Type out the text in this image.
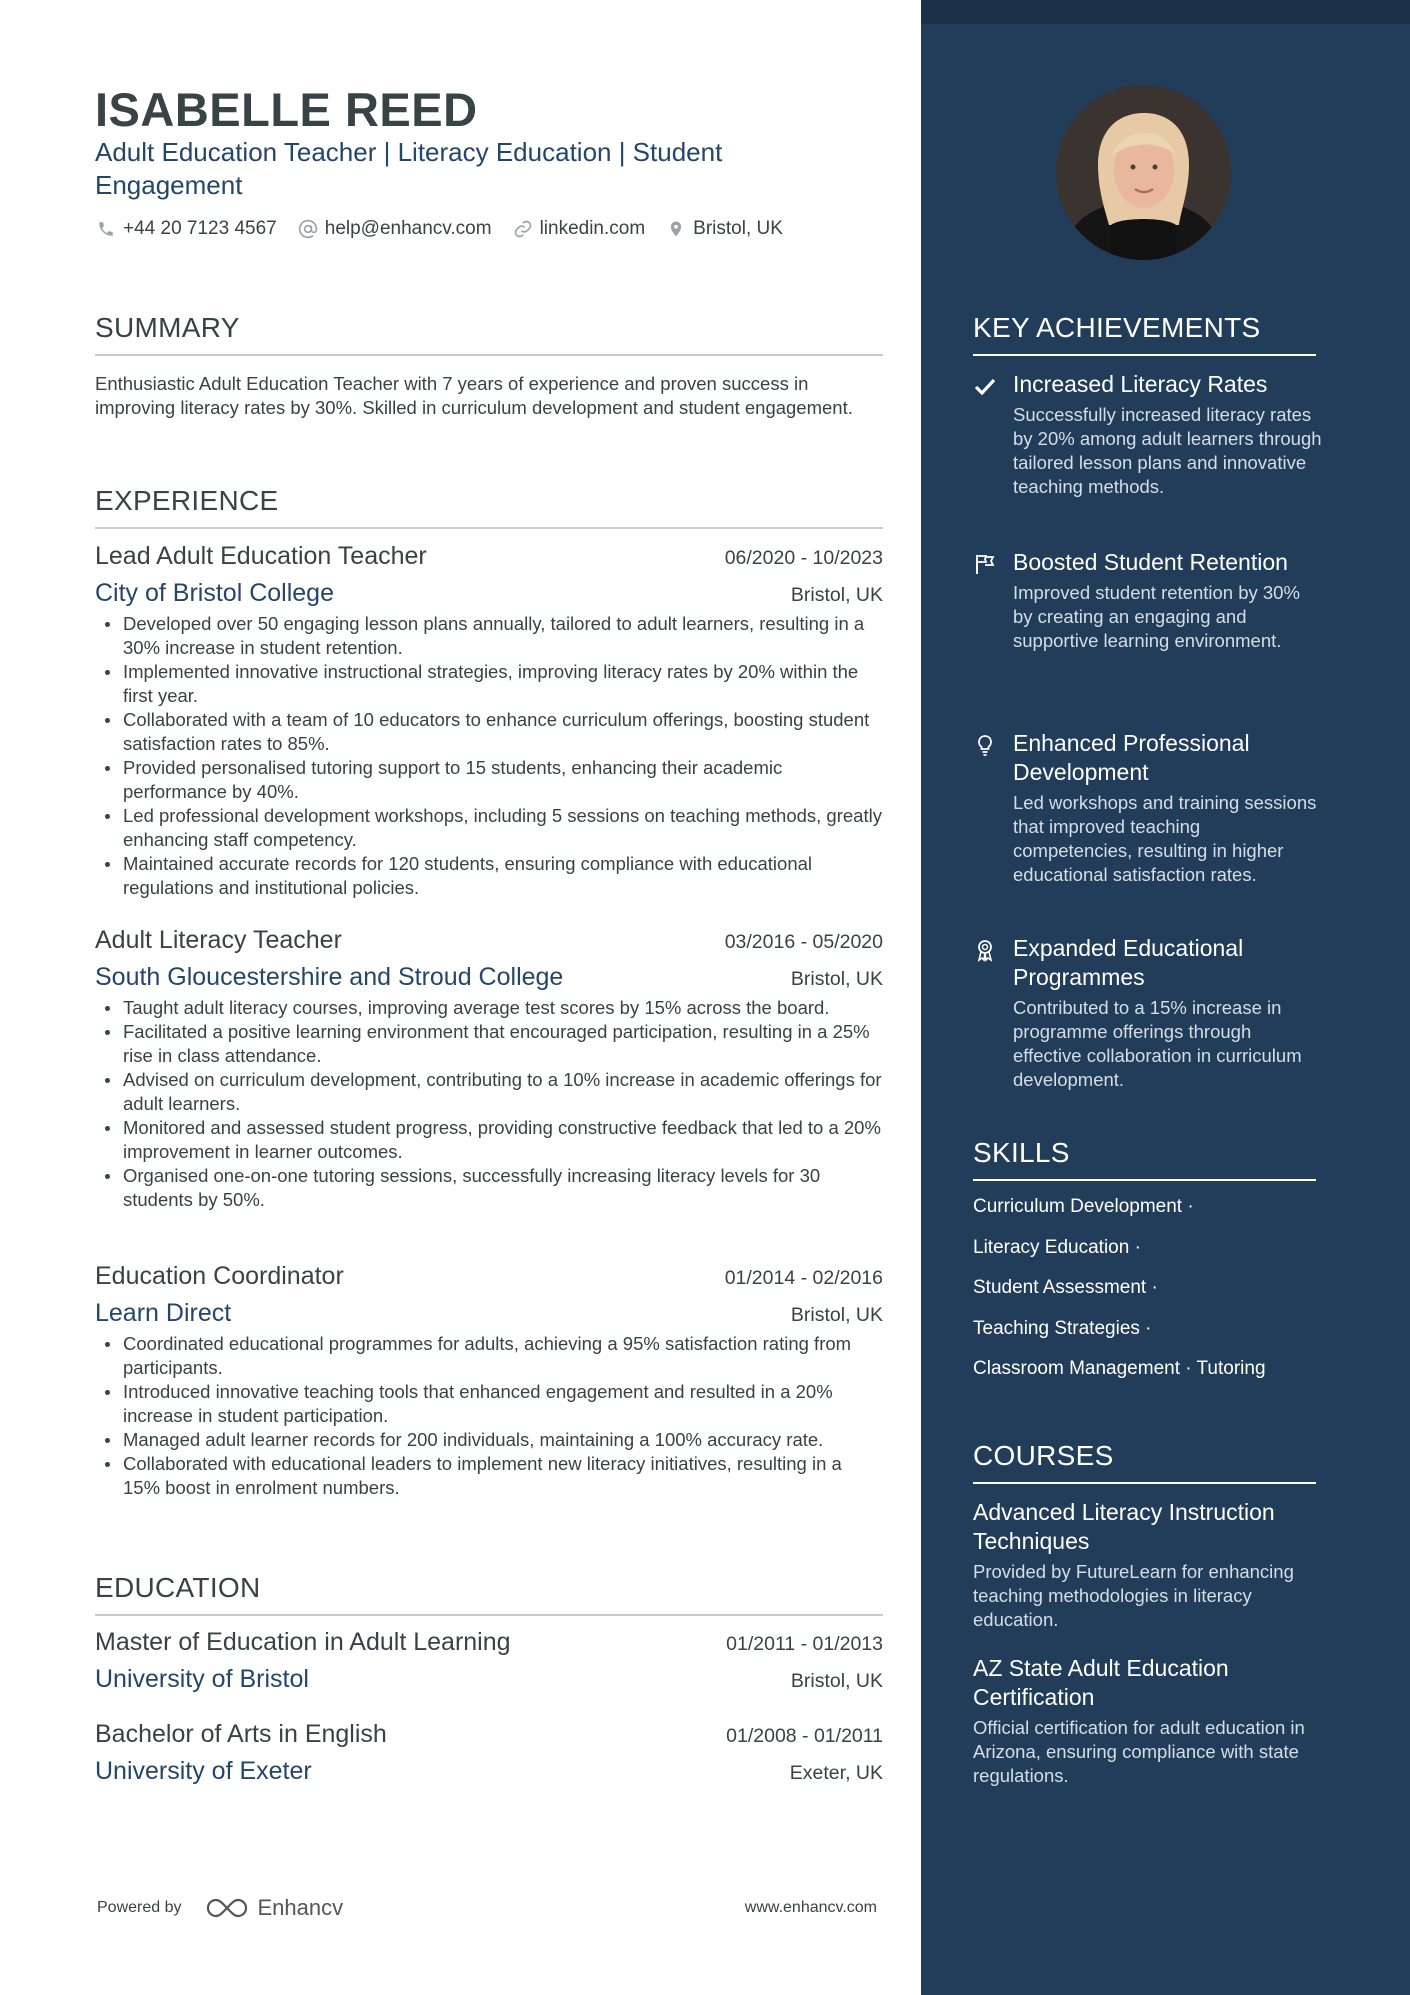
ISABELLE REED
Adult Education Teacher | Literacy Education | Student Engagement
+44 20 7123 4567	help@enhancv.com	linkedin.com	Bristol, UK
SUMMARY
Enthusiastic Adult Education Teacher with 7 years of experience and proven success in improving literacy rates by 30%. Skilled in curriculum development and student engagement.
EXPERIENCE
Lead Adult Education Teacher	06/2020 - 10/2023
City of Bristol College	Bristol, UK
Developed over 50 engaging lesson plans annually, tailored to adult learners, resulting in a 30% increase in student retention.
Implemented innovative instructional strategies, improving literacy rates by 20% within the first year.
Collaborated with a team of 10 educators to enhance curriculum offerings, boosting student satisfaction rates to 85%.
Provided personalised tutoring support to 15 students, enhancing their academic performance by 40%.
Led professional development workshops, including 5 sessions on teaching methods, greatly enhancing staff competency.
Maintained accurate records for 120 students, ensuring compliance with educational regulations and institutional policies.
Adult Literacy Teacher	03/2016 - 05/2020
South Gloucestershire and Stroud College	Bristol, UK
Taught adult literacy courses, improving average test scores by 15% across the board.
Facilitated a positive learning environment that encouraged participation, resulting in a 25% rise in class attendance.
Advised on curriculum development, contributing to a 10% increase in academic offerings for adult learners.
Monitored and assessed student progress, providing constructive feedback that led to a 20% improvement in learner outcomes.
Organised one-on-one tutoring sessions, successfully increasing literacy levels for 30 students by 50%.
Education Coordinator	01/2014 - 02/2016
Learn Direct	Bristol, UK
Coordinated educational programmes for adults, achieving a 95% satisfaction rating from participants.
Introduced innovative teaching tools that enhanced engagement and resulted in a 20% increase in student participation.
Managed adult learner records for 200 individuals, maintaining a 100% accuracy rate.
Collaborated with educational leaders to implement new literacy initiatives, resulting in a 15% boost in enrolment numbers.
EDUCATION
Master of Education in Adult Learning	01/2011 - 01/2013
University of Bristol	Bristol, UK
Bachelor of Arts in English	01/2008 - 01/2011
University of Exeter	Exeter, UK
Powered by	Enhancv	www.enhancv.com
KEY ACHIEVEMENTS
Increased Literacy Rates
Successfully increased literacy rates by 20% among adult learners through tailored lesson plans and innovative teaching methods.
Boosted Student Retention
Improved student retention by 30% by creating an engaging and supportive learning environment.
Enhanced Professional Development
Led workshops and training sessions that improved teaching competencies, resulting in higher educational satisfaction rates.
Expanded Educational Programmes
Contributed to a 15% increase in programme offerings through effective collaboration in curriculum development.
SKILLS
Curriculum Development ·
Literacy Education ·
Student Assessment ·
Teaching Strategies ·
Classroom Management · Tutoring
COURSES
Advanced Literacy Instruction Techniques
Provided by FutureLearn for enhancing teaching methodologies in literacy education.
AZ State Adult Education Certification
Official certification for adult education in Arizona, ensuring compliance with state regulations.
